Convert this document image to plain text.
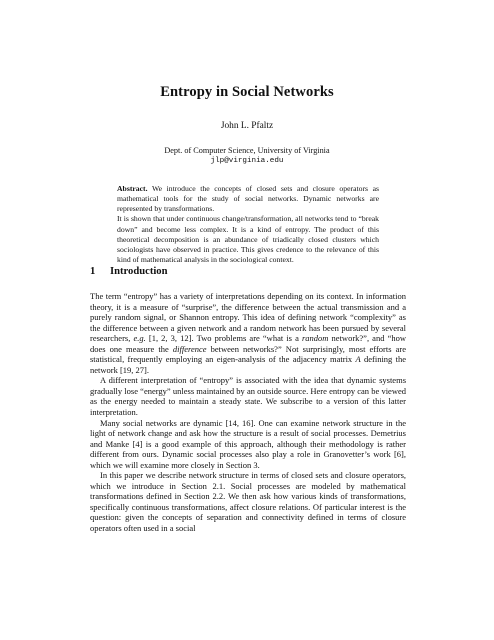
Entropy in Social Networks
John L. Pfaltz
Dept. of Computer Science, University of Virginia
jlp@virginia.edu

Abstract. We introduce the concepts of closed sets and closure operators as mathematical tools for the study of social networks. Dynamic networks are represented by transformations.

It is shown that under continuous change/transformation, all networks tend to “break down” and become less complex. It is a kind of entropy. The product of this theoretical decomposition is an abundance of triadically closed clusters which sociologists have observed in practice. This gives credence to the relevance of this kind of mathematical analysis in the sociological context.

1 Introduction

The term “entropy” has a variety of interpretations depending on its context. In information theory, it is a measure of “surprise”, the difference between the actual transmission and a purely random signal, or Shannon entropy. This idea of defining network “complexity” as the difference between a given network and a random network has been pursued by several researchers, e.g. [1, 2, 3, 12]. Two problems are “what is a random network?”, and “how does one measure the difference between networks?” Not surprisingly, most efforts are statistical, frequently employing an eigen-analysis of the adjacency matrix A defining the network [19, 27].

A different interpretation of “entropy” is associated with the idea that dynamic systems gradually lose “energy” unless maintained by an outside source. Here entropy can be viewed as the energy needed to maintain a steady state. We subscribe to a version of this latter interpretation.

Many social networks are dynamic [14, 16]. One can examine network structure in the light of network change and ask how the structure is a result of social processes. Demetrius and Manke [4] is a good example of this approach, although their methodology is rather different from ours. Dynamic social processes also play a role in Granovetter’s work [6], which we will examine more closely in Section 3.

In this paper we describe network structure in terms of closed sets and closure operators, which we introduce in Section 2.1. Social processes are modeled by mathematical transformations defined in Section 2.2. We then ask how various kinds of transformations, specifically continuous transformations, affect closure relations. Of particular interest is the question: given the concepts of separation and connectivity defined in terms of closure operators often used in a social
